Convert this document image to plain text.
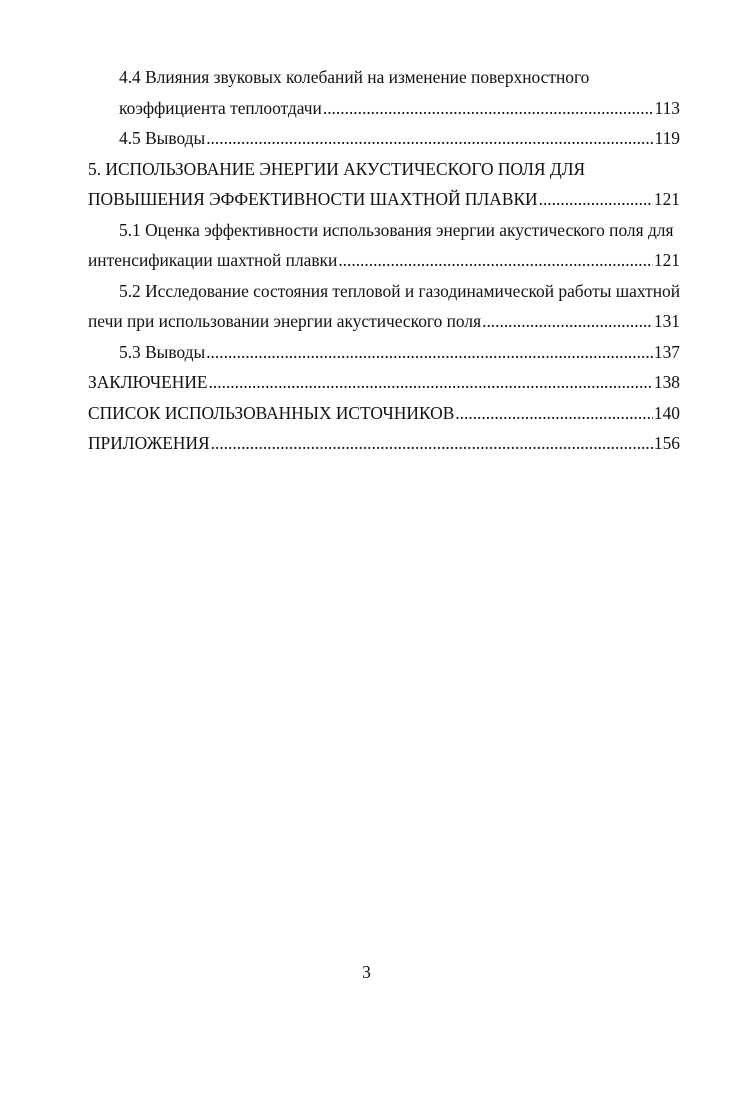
4.4 Влияния звуковых колебаний на изменение поверхностного
коэффициента теплоотдачи .....	113
4.5 Выводы .....	119
5. ИСПОЛЬЗОВАНИЕ ЭНЕРГИИ АКУСТИЧЕСКОГО ПОЛЯ ДЛЯ
ПОВЫШЕНИЯ ЭФФЕКТИВНОСТИ ШАХТНОЙ ПЛАВКИ .....	121
5.1 Оценка эффективности использования энергии акустического поля для
интенсификации шахтной плавки .....	121
5.2 Исследование состояния тепловой и газодинамической работы шахтной
печи при использовании энергии акустического поля .....	131
5.3 Выводы .....	137
ЗАКЛЮЧЕНИЕ .....	138
СПИСОК ИСПОЛЬЗОВАННЫХ ИСТОЧНИКОВ .....	140
ПРИЛОЖЕНИЯ .....	156
3
